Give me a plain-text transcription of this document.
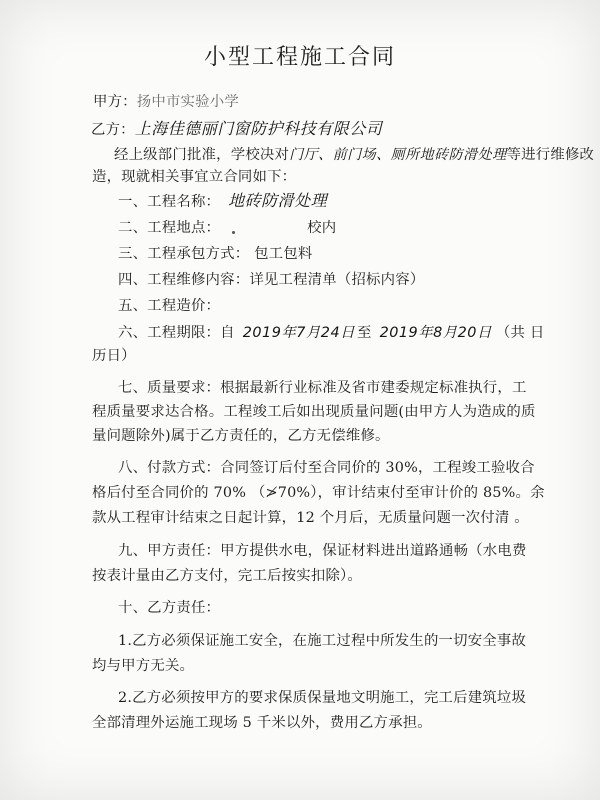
小型工程施工合同
甲方：扬中市实验小学
乙方：上海佳德丽门窗防护科技有限公司
经上级部门批准，学校决对门厅、前门场、厕所地砖防滑处理等进行维修改
造，现就相关事宜立合同如下：
一、工程名称： 地砖防滑处理
二、工程地点：	校内
三、工程承包方式： 包工包料
四、工程维修内容：详见工程清单（招标内容）
五、工程造价：
六、工程期限：自 2019年7月24日 至 2019年8月20日 （共 日
历日）
七、质量要求：根据最新行业标准及省市建委规定标准执行，工
程质量要求达合格。工程竣工后如出现质量问题(由甲方人为造成的质
量问题除外)属于乙方责任的，乙方无偿维修。
八、付款方式：合同签订后付至合同价的 30%，工程竣工验收合
格后付至合同价的 70% （≯70%），审计结束付至审计价的 85%。余
款从工程审计结束之日起计算，12 个月后，无质量问题一次付清 。
九、甲方责任：甲方提供水电，保证材料进出道路通畅（水电费
按表计量由乙方支付，完工后按实扣除）。
十、乙方责任：
1.乙方必须保证施工安全，在施工过程中所发生的一切安全事故
均与甲方无关。
2.乙方必须按甲方的要求保质保量地文明施工，完工后建筑垃圾
全部清理外运施工现场 5 千米以外，费用乙方承担。
